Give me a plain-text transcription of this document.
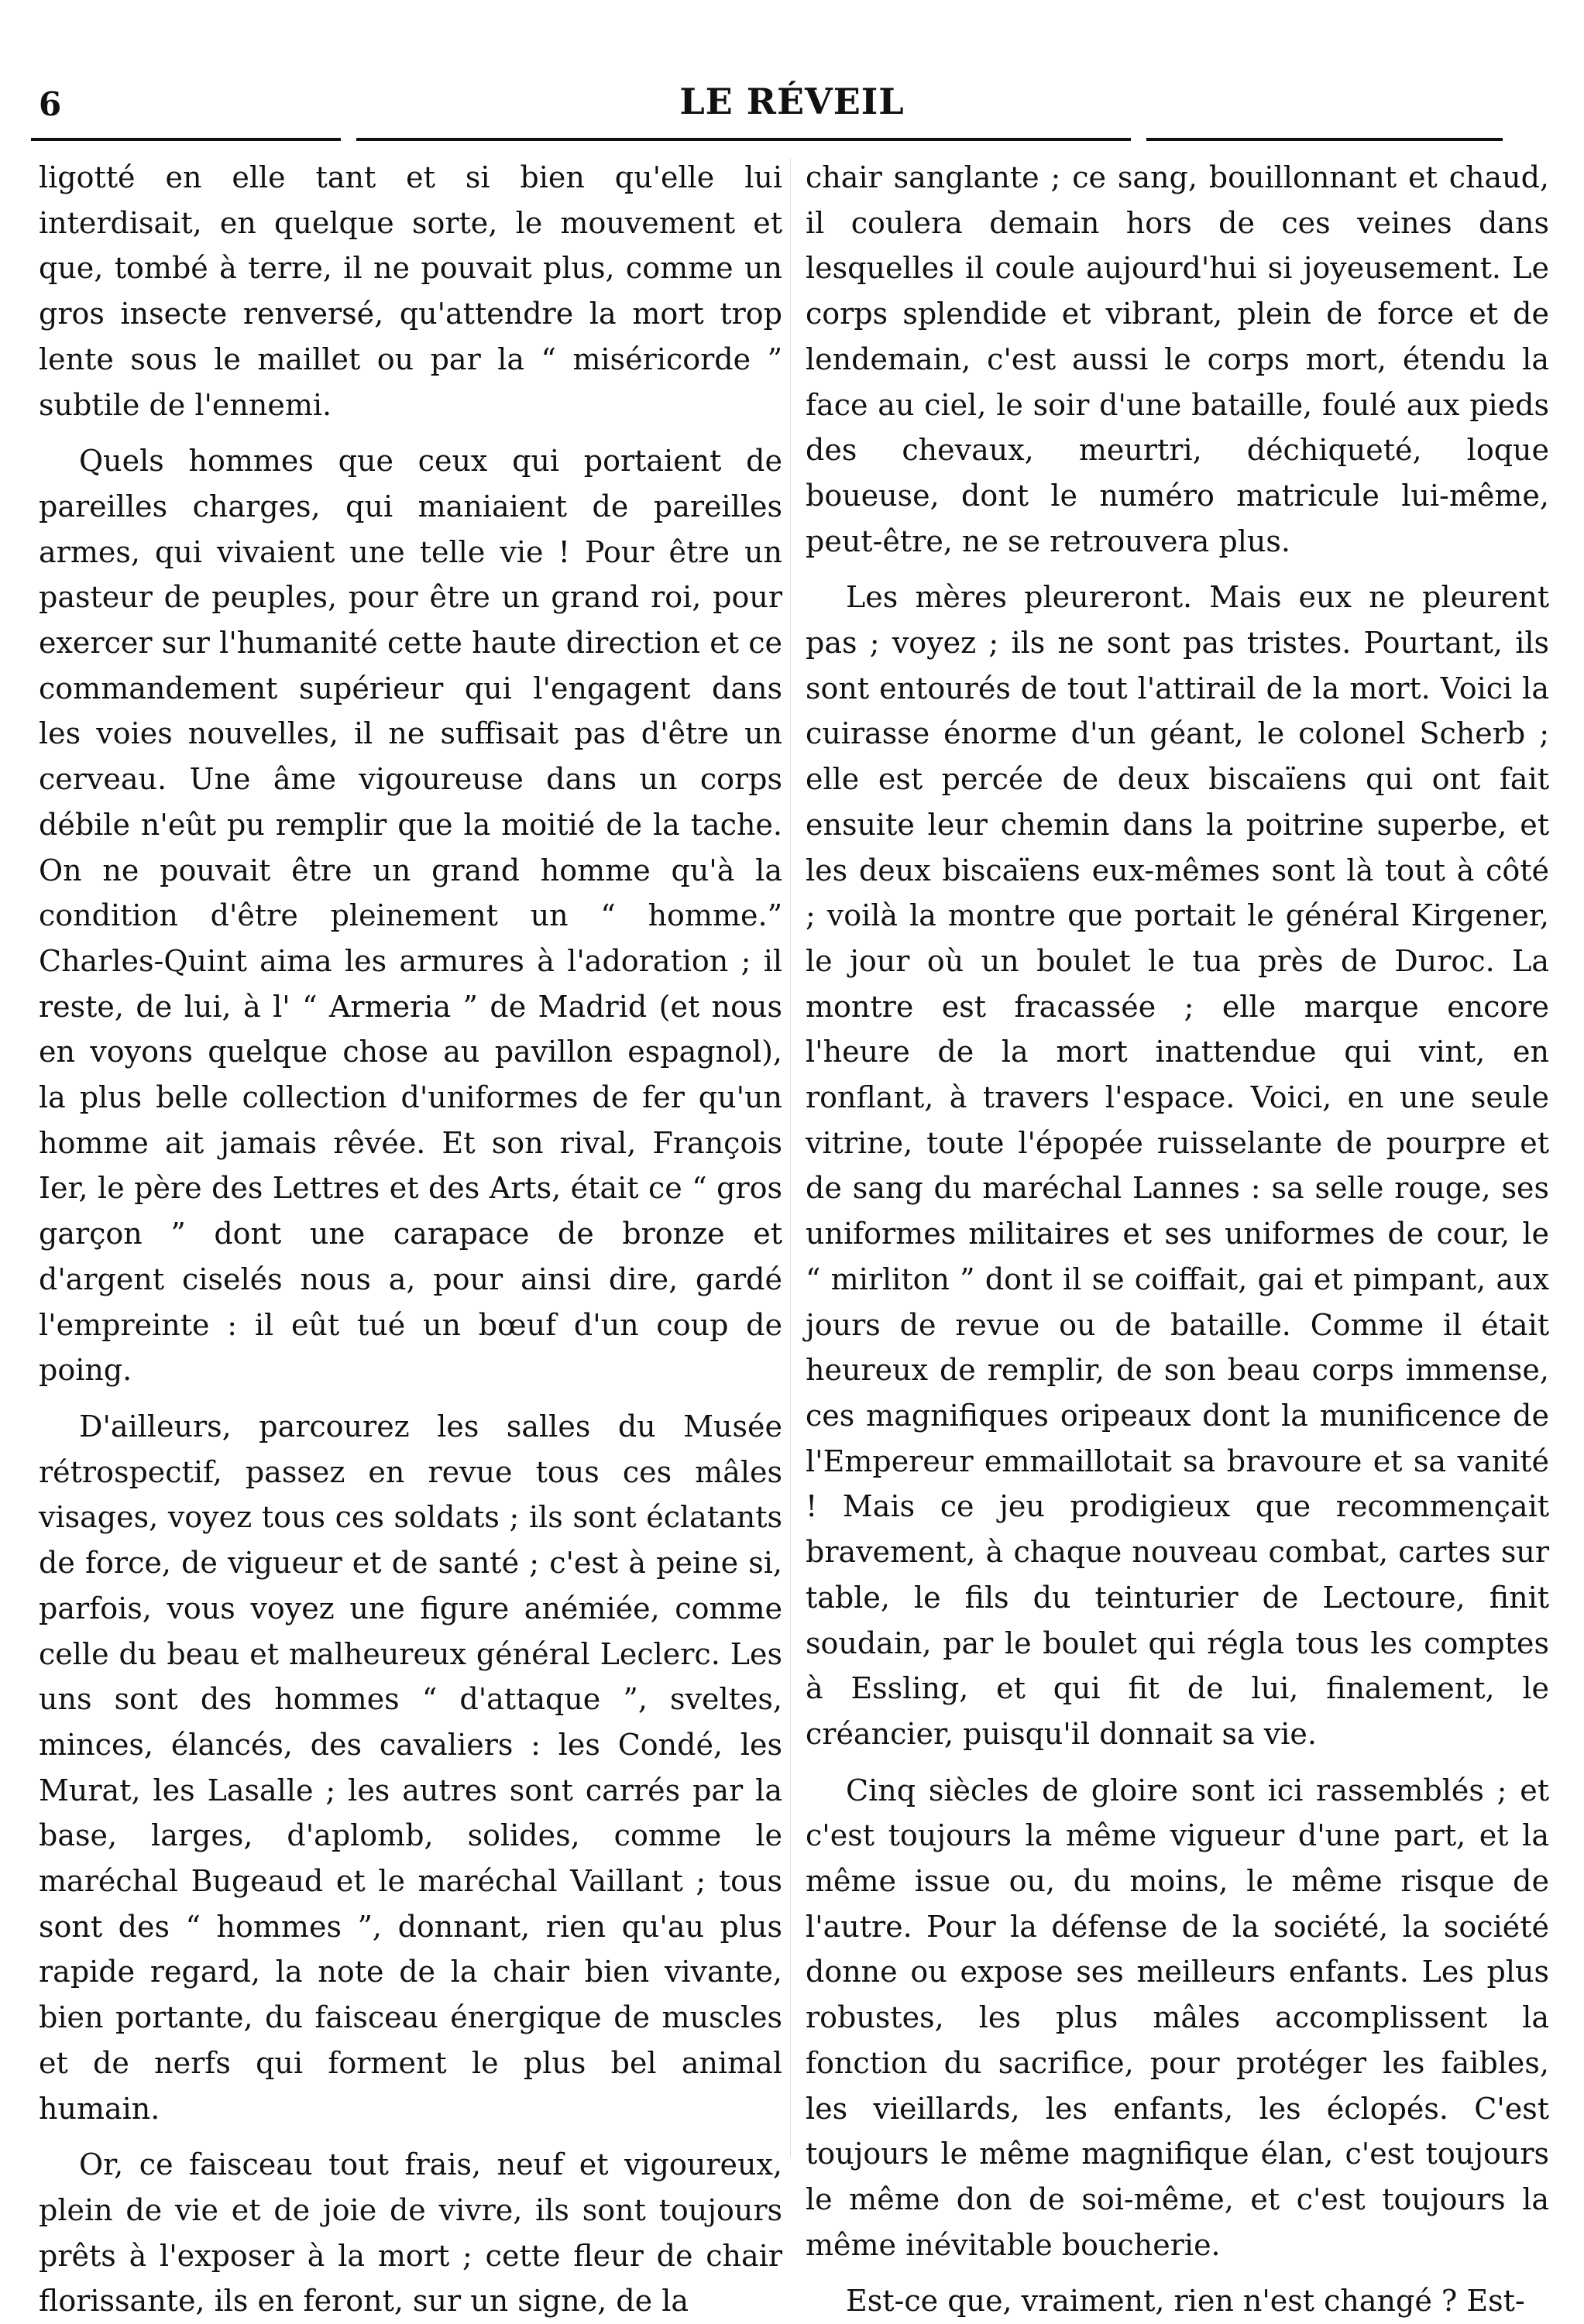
6	LE RÉVEIL

ligotté en elle tant et si bien qu'elle lui interdisait, en quelque sorte, le mouvement et que, tombé à terre, il ne pouvait plus, comme un gros insecte renversé, qu'attendre la mort trop lente sous le maillet ou par la “ miséricorde ” subtile de l'ennemi.

Quels hommes que ceux qui portaient de pareilles charges, qui maniaient de pareilles armes, qui vivaient une telle vie ! Pour être un pasteur de peuples, pour être un grand roi, pour exercer sur l'humanité cette haute direction et ce commandement supérieur qui l'engagent dans les voies nouvelles, il ne suffisait pas d'être un cerveau. Une âme vigoureuse dans un corps débile n'eût pu remplir que la moitié de la tache. On ne pouvait être un grand homme qu'à la condition d'être pleinement un “ homme.” Charles-Quint aima les armures à l'adoration ; il reste, de lui, à l' “ Armeria ” de Madrid (et nous en voyons quelque chose au pavillon espagnol), la plus belle collection d'uniformes de fer qu'un homme ait jamais rêvée. Et son rival, François Ier, le père des Lettres et des Arts, était ce “ gros garçon ” dont une carapace de bronze et d'argent ciselés nous a, pour ainsi dire, gardé l'empreinte : il eût tué un bœuf d'un coup de poing.

D'ailleurs, parcourez les salles du Musée rétrospectif, passez en revue tous ces mâles visages, voyez tous ces soldats ; ils sont éclatants de force, de vigueur et de santé ; c'est à peine si, parfois, vous voyez une figure anémiée, comme celle du beau et malheureux général Leclerc. Les uns sont des hommes “ d'attaque ”, sveltes, minces, élancés, des cavaliers : les Condé, les Murat, les Lasalle ; les autres sont carrés par la base, larges, d'aplomb, solides, comme le maréchal Bugeaud et le maréchal Vaillant ; tous sont des “ hommes ”, donnant, rien qu'au plus rapide regard, la note de la chair bien vivante, bien portante, du faisceau énergique de muscles et de nerfs qui forment le plus bel animal humain.

Or, ce faisceau tout frais, neuf et vigoureux, plein de vie et de joie de vivre, ils sont toujours prêts à l'exposer à la mort ; cette fleur de chair florissante, ils en feront, sur un signe, de la

chair sanglante ; ce sang, bouillonnant et chaud, il coulera demain hors de ces veines dans lesquelles il coule aujourd'hui si joyeusement. Le corps splendide et vibrant, plein de force et de lendemain, c'est aussi le corps mort, étendu la face au ciel, le soir d'une bataille, foulé aux pieds des chevaux, meurtri, déchiqueté, loque boueuse, dont le numéro matricule lui-même, peut-être, ne se retrouvera plus.

Les mères pleureront. Mais eux ne pleurent pas ; voyez ; ils ne sont pas tristes. Pourtant, ils sont entourés de tout l'attirail de la mort. Voici la cuirasse énorme d'un géant, le colonel Scherb ; elle est percée de deux biscaïens qui ont fait ensuite leur chemin dans la poitrine superbe, et les deux biscaïens eux-mêmes sont là tout à côté ; voilà la montre que portait le général Kirgener, le jour où un boulet le tua près de Duroc. La montre est fracassée ; elle marque encore l'heure de la mort inattendue qui vint, en ronflant, à travers l'espace. Voici, en une seule vitrine, toute l'épopée ruisselante de pourpre et de sang du maréchal Lannes : sa selle rouge, ses uniformes militaires et ses uniformes de cour, le “ mirliton ” dont il se coiffait, gai et pimpant, aux jours de revue ou de bataille. Comme il était heureux de remplir, de son beau corps immense, ces magnifiques oripeaux dont la munificence de l'Empereur emmaillotait sa bravoure et sa vanité ! Mais ce jeu prodigieux que recommençait bravement, à chaque nouveau combat, cartes sur table, le fils du teinturier de Lectoure, finit soudain, par le boulet qui régla tous les comptes à Essling, et qui fit de lui, finalement, le créancier, puisqu'il donnait sa vie.

Cinq siècles de gloire sont ici rassemblés ; et c'est toujours la même vigueur d'une part, et la même issue ou, du moins, le même risque de l'autre. Pour la défense de la société, la société donne ou expose ses meilleurs enfants. Les plus robustes, les plus mâles accomplissent la fonction du sacrifice, pour protéger les faibles, les vieillards, les enfants, les éclopés. C'est toujours le même magnifique élan, c'est toujours le même don de soi-même, et c'est toujours la même inévitable boucherie.

Est-ce que, vraiment, rien n'est changé ? Est-
